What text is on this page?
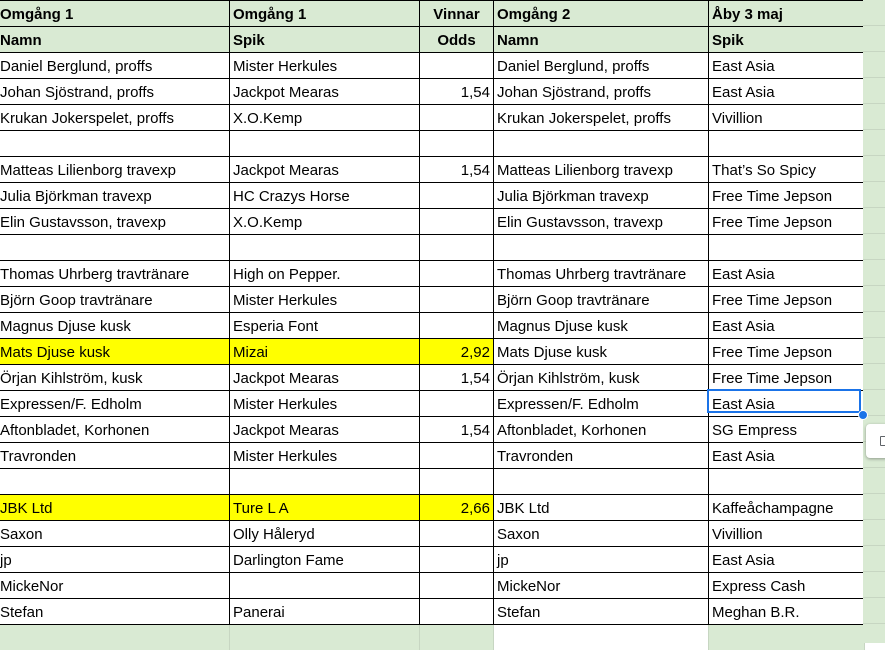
Omgång 1	Omgång 1	Vinnar	Omgång 2	Åby 3 maj
Namn	Spik	Odds	Namn	Spik
Daniel Berglund, proffs	Mister Herkules		Daniel Berglund, proffs	East Asia
Johan Sjöstrand, proffs	Jackpot Mearas	1,54	Johan Sjöstrand, proffs	East Asia
Krukan Jokerspelet, proffs	X.O.Kemp		Krukan Jokerspelet, proffs	Vivillion

Matteas Lilienborg travexp	Jackpot Mearas	1,54	Matteas Lilienborg travexp	That’s So Spicy
Julia Björkman travexp	HC Crazys Horse		Julia Björkman travexp	Free Time Jepson
Elin Gustavsson, travexp	X.O.Kemp		Elin Gustavsson, travexp	Free Time Jepson

Thomas Uhrberg travtränare	High on Pepper.		Thomas Uhrberg travtränare	East Asia
Björn Goop travtränare	Mister Herkules		Björn Goop travtränare	Free Time Jepson
Magnus Djuse kusk	Esperia Font		Magnus Djuse kusk	East Asia
Mats Djuse kusk	Mizai	2,92	Mats Djuse kusk	Free Time Jepson
Örjan Kihlström, kusk	Jackpot Mearas	1,54	Örjan Kihlström, kusk	Free Time Jepson
Expressen/F. Edholm	Mister Herkules		Expressen/F. Edholm	East Asia
Aftonbladet, Korhonen	Jackpot Mearas	1,54	Aftonbladet, Korhonen	SG Empress
Travronden	Mister Herkules		Travronden	East Asia

JBK Ltd	Ture L A	2,66	JBK Ltd	Kaffeåchampagne
Saxon	Olly Håleryd		Saxon	Vivillion
jp	Darlington Fame		jp	East Asia
MickeNor			MickeNor	Express Cash
Stefan	Panerai		Stefan	Meghan B.R.
